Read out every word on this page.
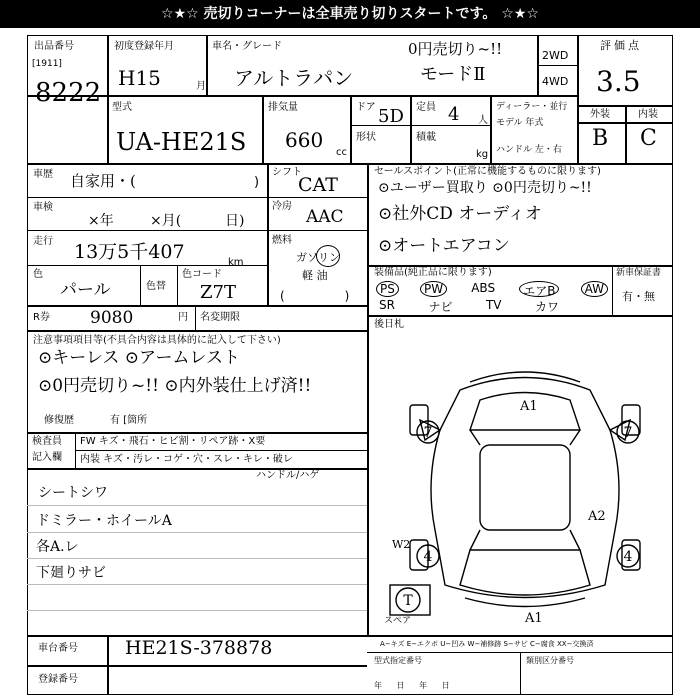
☆★☆ 売切りコーナーは全車売り切りスタートです。 ☆★☆
出品番号
[1911]
8222
初度登録年月
H15	月
車名・グレード
アルトラパン
0円売切り~!!
モードⅡ
2WD
4WD
評価点
3.5
外装	内装
B C
型式
UA-HE21S
排気量
660
cc
ドア 5D 定員 4 人
形状	積載
kg
ディーラー・並行
モデル 年式
ハンドル 左・右
車歴 自家用・(	)
車検
×年	×月(	日)
走行 13万5千407	km
色
パール	色替
色コード
Z7T
シフト
CAT
冷房
AAC
燃料
ガソリン
軽 油
(　　　　　)
R券 9080	円 名変期限
セールスポイント(正常に機能するものに限ります)
⊙ユーザー買取り ⊙0円売切り~!!
⊙社外CD オーディオ
⊙オートエアコン
装備品(純正品に限ります)	新車保証書
有・無
PS	PW	ABS	エアB	AW
SR	ナビ	TV	カワ
後日札
注意事項項目等(不具合内容は具体的に記入して下さい)
⊙キーレス ⊙アームレスト
⊙0円売切り~!! ⊙内外装仕上げ済!!
修復歴	有 [箇所
検査員
記入欄
FW キズ・飛石・ヒビ割・リペア跡・X要
内装 キズ・汚レ・コゲ・穴・スレ・キレ・破レ
ハンドル/ハゲ
シートシワ
ドミラー・ホイールA
各A.レ
下廻りサビ
A1
A1
A2
W2
7	7
4	4
T
スペア
A−キズ E−エクボ U−凹み W−補修跡 S−サビ C−腐食 XX−交換済
車台番号 HE21S-378878
登録番号
型式指定番号	類別区分番号
年 日 年 日
